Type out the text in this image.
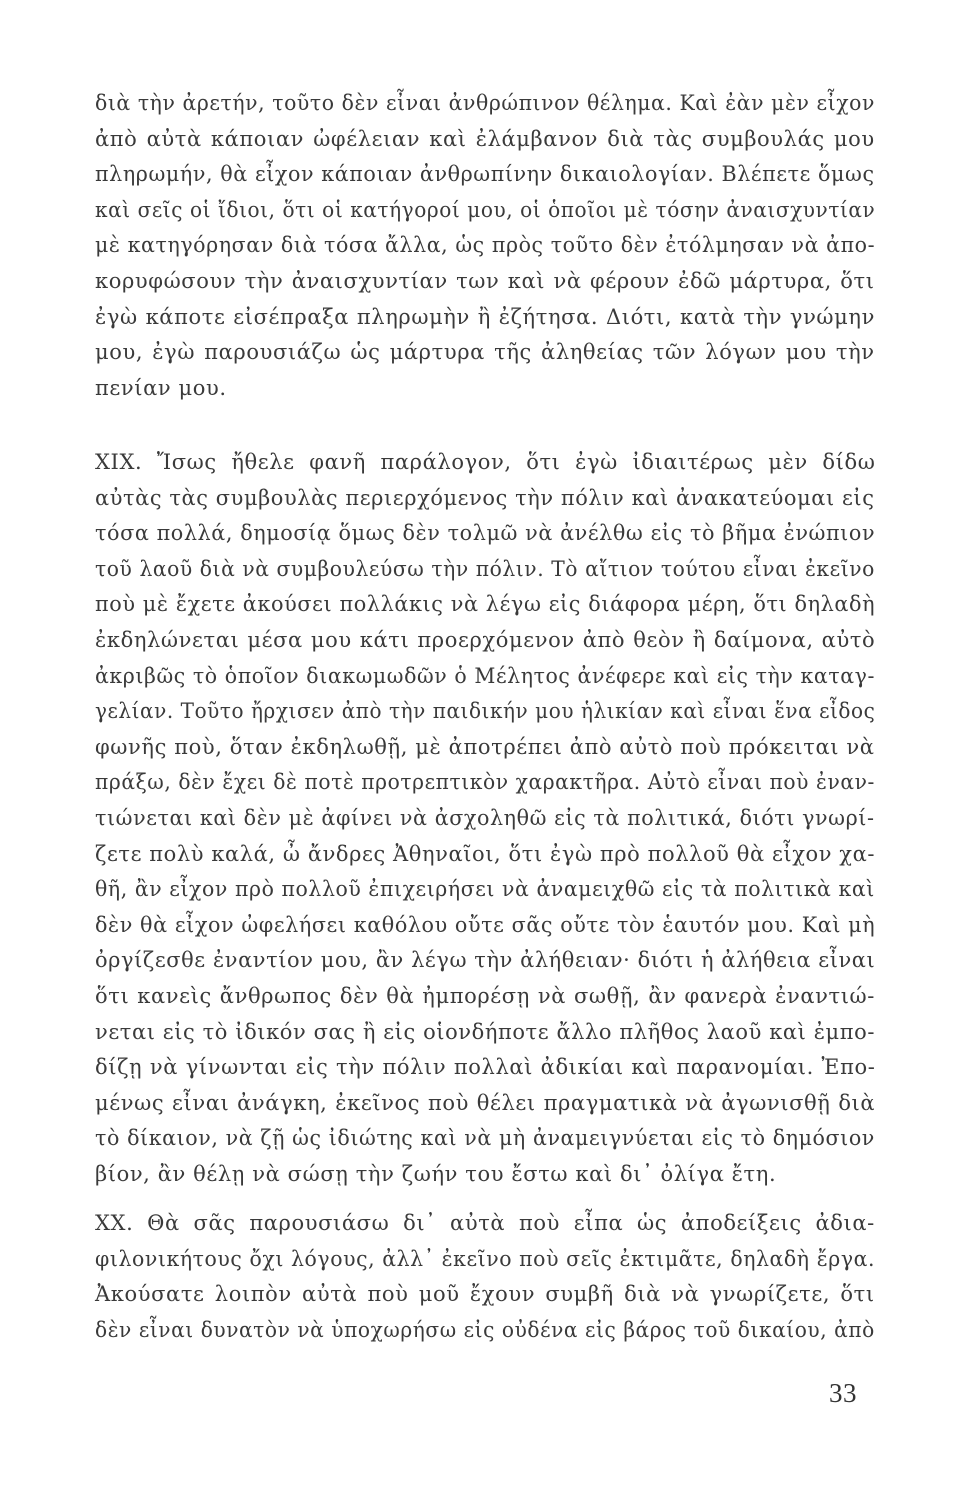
διὰ τὴν ἀρετήν, τοῦτο δὲν εἶναι ἀνθρώπινον θέλημα. Καὶ ἐὰν μὲν εἶχον
ἀπὸ αὐτὰ κάποιαν ὠφέλειαν καὶ ἐλάμβανον διὰ τὰς συμβουλάς μου
πληρωμήν, θὰ εἶχον κάποιαν ἀνθρωπίνην δικαιολογίαν. Βλέπετε ὅμως
καὶ σεῖς οἱ ἴδιοι, ὅτι οἱ κατήγοροί μου, οἱ ὁποῖοι μὲ τόσην ἀναισχυντίαν
μὲ κατηγόρησαν διὰ τόσα ἄλλα, ὡς πρὸς τοῦτο δὲν ἐτόλμησαν νὰ ἀπο-
κορυφώσουν τὴν ἀναισχυντίαν των καὶ νὰ φέρουν ἐδῶ μάρτυρα, ὅτι
ἐγὼ κάποτε εἰσέπραξα πληρωμὴν ἢ ἐζήτησα. Διότι, κατὰ τὴν γνώμην
μου, ἐγὼ παρουσιάζω ὡς μάρτυρα τῆς ἀληθείας τῶν λόγων μου τὴν
πενίαν μου.
XIX. Ἴσως ἤθελε φανῆ παράλογον, ὅτι ἐγὼ ἰδιαιτέρως μὲν δίδω
αὐτὰς τὰς συμβουλὰς περιερχόμενος τὴν πόλιν καὶ ἀνακατεύομαι εἰς
τόσα πολλά, δημοσίᾳ ὅμως δὲν τολμῶ νὰ ἀνέλθω εἰς τὸ βῆμα ἐνώπιον
τοῦ λαοῦ διὰ νὰ συμβουλεύσω τὴν πόλιν. Τὸ αἴτιον τούτου εἶναι ἐκεῖνο
ποὺ μὲ ἔχετε ἀκούσει πολλάκις νὰ λέγω εἰς διάφορα μέρη, ὅτι δηλαδὴ
ἐκδηλώνεται μέσα μου κάτι προερχόμενον ἀπὸ θεὸν ἢ δαίμονα, αὐτὸ
ἀκριβῶς τὸ ὁποῖον διακωμωδῶν ὁ Μέλητος ἀνέφερε καὶ εἰς τὴν καταγ-
γελίαν. Τοῦτο ἤρχισεν ἀπὸ τὴν παιδικήν μου ἡλικίαν καὶ εἶναι ἕνα εἶδος
φωνῆς ποὺ, ὅταν ἐκδηλωθῇ, μὲ ἀποτρέπει ἀπὸ αὐτὸ ποὺ πρόκειται νὰ
πράξω, δὲν ἔχει δὲ ποτὲ προτρεπτικὸν χαρακτῆρα. Αὐτὸ εἶναι ποὺ ἐναν-
τιώνεται καὶ δὲν μὲ ἀφίνει νὰ ἀσχοληθῶ εἰς τὰ πολιτικά, διότι γνωρί-
ζετε πολὺ καλά, ὦ ἄνδρες Ἀθηναῖοι, ὅτι ἐγὼ πρὸ πολλοῦ θὰ εἶχον χα-
θῆ, ἂν εἶχον πρὸ πολλοῦ ἐπιχειρήσει νὰ ἀναμειχθῶ εἰς τὰ πολιτικὰ καὶ
δὲν θὰ εἶχον ὠφελήσει καθόλου οὔτε σᾶς οὔτε τὸν ἑαυτόν μου. Καὶ μὴ
ὀργίζεσθε ἐναντίον μου, ἂν λέγω τὴν ἀλήθειαν· διότι ἡ ἀλήθεια εἶναι
ὅτι κανεὶς ἄνθρωπος δὲν θὰ ἠμπορέσῃ νὰ σωθῇ, ἂν φανερὰ ἐναντιώ-
νεται εἰς τὸ ἰδικόν σας ἢ εἰς οἱονδήποτε ἄλλο πλῆθος λαοῦ καὶ ἐμπο-
δίζῃ νὰ γίνωνται εἰς τὴν πόλιν πολλαὶ ἀδικίαι καὶ παρανομίαι. Ἐπο-
μένως εἶναι ἀνάγκη, ἐκεῖνος ποὺ θέλει πραγματικὰ νὰ ἀγωνισθῇ διὰ
τὸ δίκαιον, νὰ ζῇ ὡς ἰδιώτης καὶ νὰ μὴ ἀναμειγνύεται εἰς τὸ δημόσιον
βίον, ἂν θέλῃ νὰ σώσῃ τὴν ζωήν του ἔστω καὶ δι᾽ ὀλίγα ἔτη.
XX. Θὰ σᾶς παρουσιάσω δι᾽ αὐτὰ ποὺ εἶπα ὡς ἀποδείξεις ἀδια-
φιλονικήτους ὄχι λόγους, ἀλλ᾽ ἐκεῖνο ποὺ σεῖς ἐκτιμᾶτε, δηλαδὴ ἔργα.
Ἀκούσατε λοιπὸν αὐτὰ ποὺ μοῦ ἔχουν συμβῆ διὰ νὰ γνωρίζετε, ὅτι
δὲν εἶναι δυνατὸν νὰ ὑποχωρήσω εἰς οὐδένα εἰς βάρος τοῦ δικαίου, ἀπὸ
33
